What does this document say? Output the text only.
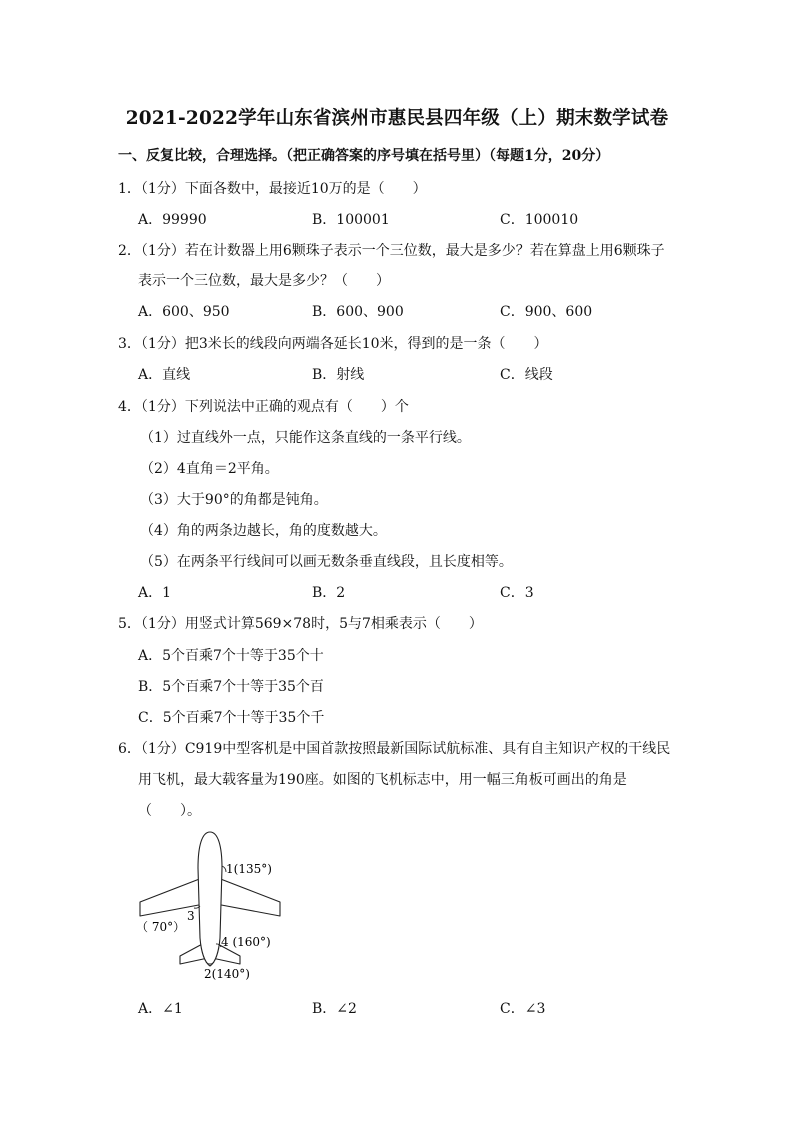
2021-2022学年山东省滨州市惠民县四年级（上）期末数学试卷
一、反复比较，合理选择。（把正确答案的序号填在括号里）（每题1分，20分）
1．（1分）下面各数中，最接近10万的是（　　）
A．99990	B．100001	C．100010
2．（1分）若在计数器上用6颗珠子表示一个三位数，最大是多少？若在算盘上用6颗珠子
表示一个三位数，最大是多少？（　　）
A．600、950	B．600、900	C．900、600
3．（1分）把3米长的线段向两端各延长10米，得到的是一条（　　）
A．直线	B．射线	C．线段
4．（1分）下列说法中正确的观点有（　　）个
（1）过直线外一点，只能作这条直线的一条平行线。
（2）4直角＝2平角。
（3）大于90°的角都是钝角。
（4）角的两条边越长，角的度数越大。
（5）在两条平行线间可以画无数条垂直线段，且长度相等。
A．1	B．2	C．3
5．（1分）用竖式计算569×78时，5与7相乘表示（　　）
A．5个百乘7个十等于35个十
B．5个百乘7个十等于35个百
C．5个百乘7个十等于35个千
6．（1分）C919中型客机是中国首款按照最新国际试航标准、具有自主知识产权的干线民
用飞机，最大载客量为190座。如图的飞机标志中，用一幅三角板可画出的角是
（　　）。
1(135°)
（ 70°）
3
4 (160°)
2(140°)
A．∠1	B．∠2	C．∠3
